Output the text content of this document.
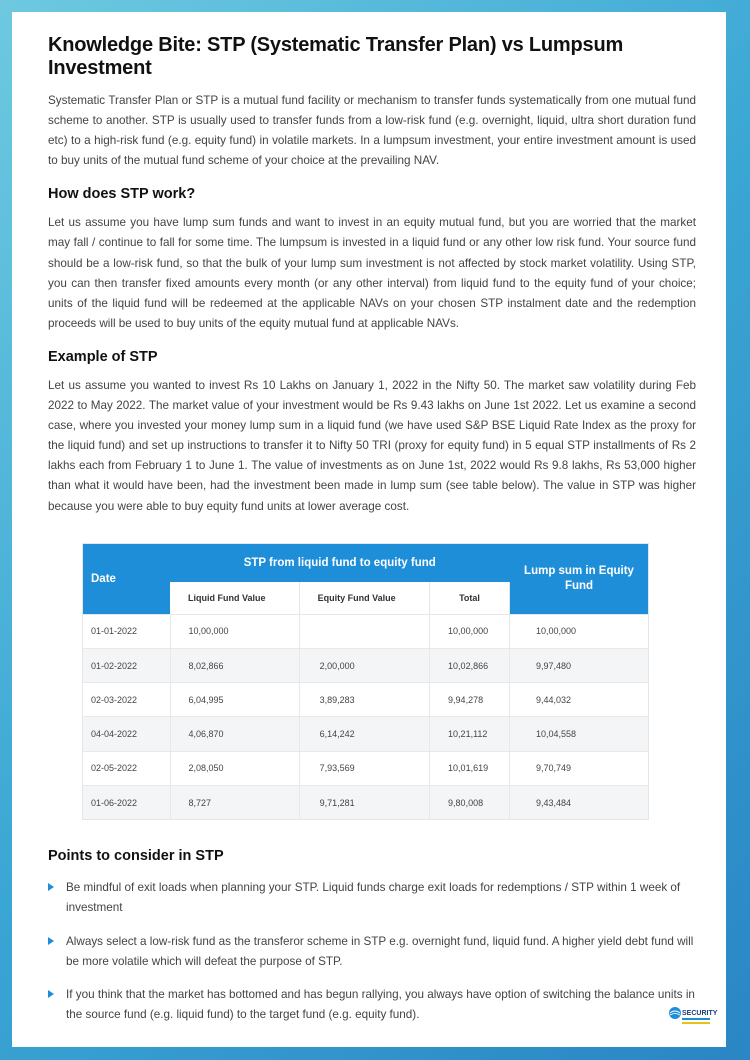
Knowledge Bite: STP (Systematic Transfer Plan) vs Lumpsum Investment

Systematic Transfer Plan or STP is a mutual fund facility or mechanism to transfer funds systematically from one mutual fund scheme to another. STP is usually used to transfer funds from a low-risk fund (e.g. overnight, liquid, ultra short duration fund etc) to a high-risk fund (e.g. equity fund) in volatile markets. In a lumpsum investment, your entire investment amount is used to buy units of the mutual fund scheme of your choice at the prevailing NAV.

How does STP work?

Let us assume you have lump sum funds and want to invest in an equity mutual fund, but you are worried that the market may fall / continue to fall for some time. The lumpsum is invested in a liquid fund or any other low risk fund. Your source fund should be a low-risk fund, so that the bulk of your lump sum investment is not affected by stock market volatility. Using STP, you can then transfer fixed amounts every month (or any other interval) from liquid fund to the equity fund of your choice; units of the liquid fund will be redeemed at the applicable NAVs on your chosen STP instalment date and the redemption proceeds will be used to buy units of the equity mutual fund at applicable NAVs.

Example of STP

Let us assume you wanted to invest Rs 10 Lakhs on January 1, 2022 in the Nifty 50. The market saw volatility during Feb 2022 to May 2022. The market value of your investment would be Rs 9.43 lakhs on June 1st 2022. Let us examine a second case, where you invested your money lump sum in a liquid fund (we have used S&P BSE Liquid Rate Index as the proxy for the liquid fund) and set up instructions to transfer it to Nifty 50 TRI (proxy for equity fund) in 5 equal STP installments of Rs 2 lakhs each from February 1 to June 1. The value of investments as on June 1st, 2022 would Rs 9.8 lakhs, Rs 53,000 higher than what it would have been, had the investment been made in lump sum (see table below). The value in STP was higher because you were able to buy equity fund units at lower average cost.

Date	STP from liquid fund to equity fund			Lump sum in Equity Fund
	Liquid Fund Value	Equity Fund Value	Total	
01-01-2022	10,00,000		10,00,000	10,00,000
01-02-2022	8,02,866	2,00,000	10,02,866	9,97,480
02-03-2022	6,04,995	3,89,283	9,94,278	9,44,032
04-04-2022	4,06,870	6,14,242	10,21,112	10,04,558
02-05-2022	2,08,050	7,93,569	10,01,619	9,70,749
01-06-2022	8,727	9,71,281	9,80,008	9,43,484
Points to consider in STP
Be mindful of exit loads when planning your STP. Liquid funds charge exit loads for redemptions / STP within 1 week of investment
Always select a low-risk fund as the transferor scheme in STP e.g. overnight fund, liquid fund. A higher yield debt fund will be more volatile which will defeat the purpose of STP.
If you think that the market has bottomed and has begun rallying, you always have option of switching the balance units in the source fund (e.g. liquid fund) to the target fund (e.g. equity fund).	SECURITY
